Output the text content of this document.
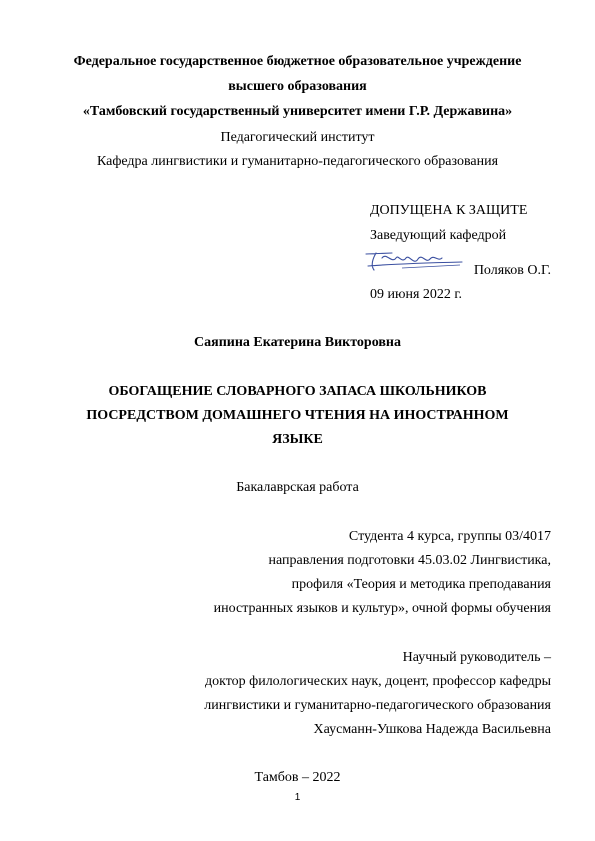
Федеральное государственное бюджетное образовательное учреждение
высшего образования
«Тамбовский государственный университет имени Г.Р. Державина»
Педагогический институт
Кафедра лингвистики и гуманитарно-педагогического образования
ДОПУЩЕНА К ЗАЩИТЕ
Заведующий кафедрой
Поляков О.Г.
09 июня 2022 г.
Саяпина Екатерина Викторовна
ОБОГАЩЕНИЕ СЛОВАРНОГО ЗАПАСА ШКОЛЬНИКОВ
ПОСРЕДСТВОМ ДОМАШНЕГО ЧТЕНИЯ НА ИНОСТРАННОМ
ЯЗЫКЕ
Бакалаврская работа
Студента 4 курса, группы 03/4017
направления подготовки 45.03.02 Лингвистика,
профиля «Теория и методика преподавания
иностранных языков и культур», очной формы обучения
Научный руководитель –
доктор филологических наук, доцент, профессор кафедры
лингвистики и гуманитарно-педагогического образования
Хаусманн-Ушкова Надежда Васильевна
Тамбов – 2022
1
